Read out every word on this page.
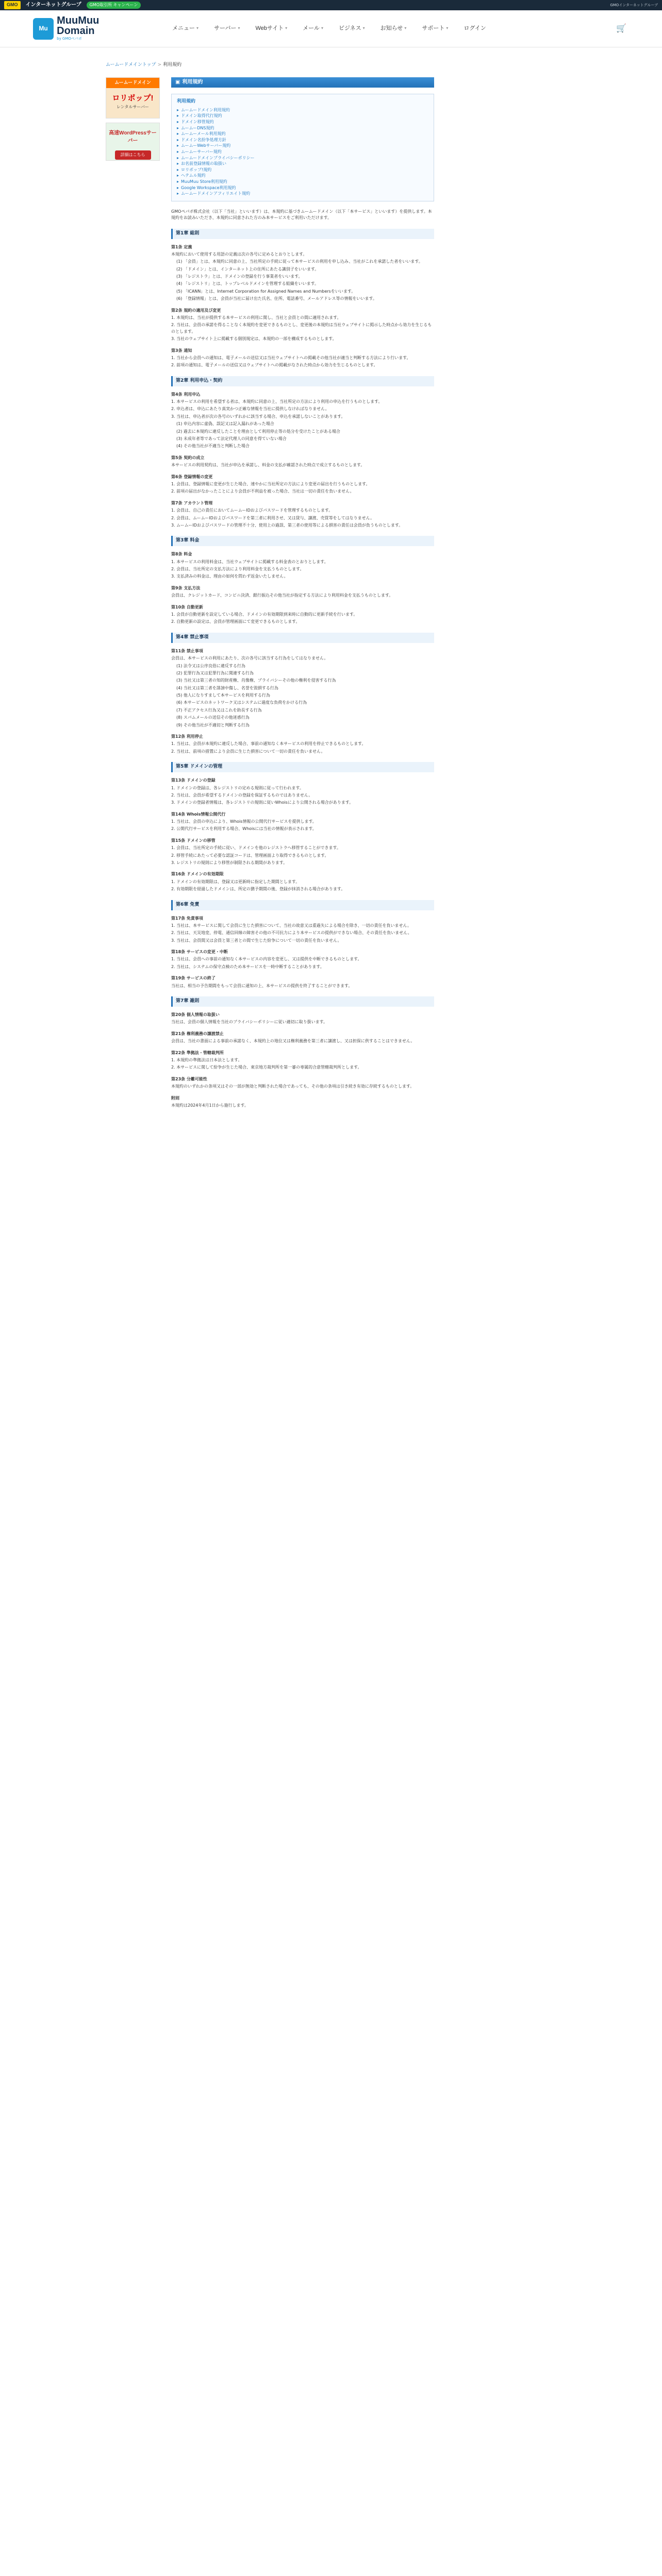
GMO	インターネットグループ	GMO取引所 キャンペーン	GMOインターネットグループ
Mu
MuuMuu Domain
by GMOペパボ
メニュー ▾	サーバー ▾	Webサイト ▾	メール ▾	ビジネス ▾	お知らせ ▾	サポート ▾	ログイン	🛒
ムームードメイントップ > 利用規約
ムームードメイン
ロリポップ!
レンタルサーバー
高速WordPressサーバー
詳細はこちら
▣ 利用規約
利用規約
▸ ムームードメイン利用規約
▸ ドメイン取得代行規約
▸ ドメイン移管規約
▸ ムームーDNS規約
▸ ムームーメール利用規約
▸ ドメイン名紛争処理方針
▸ ムームーWebサーバー規約
▸ ムームーサーバー規約
▸ ムームードメインプライバシーポリシー
▸ お名前登録情報の取扱い
▸ ロリポップ!規約
▸ ヘテムル規約
▸ MuuMuu Store利用規約
▸ Google Workspace利用規約
▸ ムームードメインアフィリエイト規約
GMOペパボ株式会社（以下「当社」といいます）は、本規約に基づきムームードメイン（以下「本サービス」といいます）を提供します。本規約をお読みいただき、本規約に同意された方のみ本サービスをご利用いただけます。
第1章 総則
第1条 定義
本規約において使用する用語の定義は次の各号に定めるとおりとします。
(1) 「会員」とは、本規約に同意の上、当社所定の手続に従って本サービスの利用を申し込み、当社がこれを承諾した者をいいます。
(2) 「ドメイン」とは、インターネット上の住所にあたる識別子をいいます。
(3) 「レジストラ」とは、ドメインの登録を行う事業者をいいます。
(4) 「レジストリ」とは、トップレベルドメインを管理する組織をいいます。
(5) 「ICANN」とは、Internet Corporation for Assigned Names and Numbersをいいます。
(6) 「登録情報」とは、会員が当社に届け出た氏名、住所、電話番号、メールアドレス等の情報をいいます。
第2条 規約の適用及び変更
1. 本規約は、当社が提供する本サービスの利用に関し、当社と会員との間に適用されます。
2. 当社は、会員の承諾を得ることなく本規約を変更できるものとし、変更後の本規約は当社ウェブサイトに掲示した時点から効力を生じるものとします。
3. 当社のウェブサイト上に掲載する個別規定は、本規約の一部を構成するものとします。
第3条 通知
1. 当社から会員への通知は、電子メールの送信又は当社ウェブサイトへの掲載その他当社が適当と判断する方法により行います。
2. 前項の通知は、電子メールの送信又はウェブサイトへの掲載がなされた時点から効力を生じるものとします。
第2章 利用申込・契約
第4条 利用申込
1. 本サービスの利用を希望する者は、本規約に同意の上、当社所定の方法により利用の申込を行うものとします。
2. 申込者は、申込にあたり真実かつ正確な情報を当社に提供しなければなりません。
3. 当社は、申込者が次の各号のいずれかに該当する場合、申込を承諾しないことがあります。
(1) 申込内容に虚偽、誤記又は記入漏れがあった場合
(2) 過去に本規約に違反したことを理由として利用停止等の処分を受けたことがある場合
(3) 未成年者等であって法定代理人の同意を得ていない場合
(4) その他当社が不適当と判断した場合
第5条 契約の成立
本サービスの利用契約は、当社が申込を承諾し、料金の支払が確認された時点で成立するものとします。
第6条 登録情報の変更
1. 会員は、登録情報に変更が生じた場合、速やかに当社所定の方法により変更の届出を行うものとします。
2. 前項の届出がなかったことにより会員が不利益を被った場合、当社は一切の責任を負いません。
第7条 アカウント管理
1. 会員は、自己の責任においてムームーIDおよびパスワードを管理するものとします。
2. 会員は、ムームーIDおよびパスワードを第三者に利用させ、又は貸与、譲渡、売買等をしてはなりません。
3. ムームーIDおよびパスワードの管理不十分、使用上の過誤、第三者の使用等による損害の責任は会員が負うものとします。
第3章 料金
第8条 料金
1. 本サービスの利用料金は、当社ウェブサイトに掲載する料金表のとおりとします。
2. 会員は、当社所定の支払方法により利用料金を支払うものとします。
3. 支払済みの料金は、理由の如何を問わず返金いたしません。
第9条 支払方法
会員は、クレジットカード、コンビニ決済、銀行振込その他当社が指定する方法により利用料金を支払うものとします。
第10条 自動更新
1. 会員が自動更新を設定している場合、ドメインの有効期限到来時に自動的に更新手続を行います。
2. 自動更新の設定は、会員が管理画面にて変更できるものとします。
第4章 禁止事項
第11条 禁止事項
会員は、本サービスの利用にあたり、次の各号に該当する行為をしてはなりません。
(1) 法令又は公序良俗に違反する行為
(2) 犯罪行為又は犯罪行為に関連する行為
(3) 当社又は第三者の知的財産権、肖像権、プライバシーその他の権利を侵害する行為
(4) 当社又は第三者を誹謗中傷し、名誉を毀損する行為
(5) 他人になりすまして本サービスを利用する行為
(6) 本サービスのネットワーク又はシステムに過度な負荷をかける行為
(7) 不正アクセス行為又はこれを助長する行為
(8) スパムメールの送信その他迷惑行為
(9) その他当社が不適切と判断する行為
第12条 利用停止
1. 当社は、会員が本規約に違反した場合、事前の通知なく本サービスの利用を停止できるものとします。
2. 当社は、前項の措置により会員に生じた損害について一切の責任を負いません。
第5章 ドメインの管理
第13条 ドメインの登録
1. ドメインの登録は、各レジストリの定める規則に従って行われます。
2. 当社は、会員が希望するドメインの登録を保証するものではありません。
3. ドメインの登録者情報は、各レジストリの規則に従いWhoisにより公開される場合があります。
第14条 Whois情報公開代行
1. 当社は、会員の申込により、Whois情報の公開代行サービスを提供します。
2. 公開代行サービスを利用する場合、Whoisには当社の情報が表示されます。
第15条 ドメインの移管
1. 会員は、当社所定の手続に従い、ドメインを他のレジストラへ移管することができます。
2. 移管手続にあたって必要な認証コードは、管理画面より取得できるものとします。
3. レジストリの規則により移管が制限される期間があります。
第16条 ドメインの有効期限
1. ドメインの有効期限は、登録又は更新時に指定した期間とします。
2. 有効期限を経過したドメインは、所定の猶予期間の後、登録が抹消される場合があります。
第6章 免責
第17条 免責事項
1. 当社は、本サービスに関して会員に生じた損害について、当社の故意又は重過失による場合を除き、一切の責任を負いません。
2. 当社は、天災地変、停電、通信回線の障害その他の不可抗力により本サービスの提供ができない場合、その責任を負いません。
3. 当社は、会員間又は会員と第三者との間で生じた紛争について一切の責任を負いません。
第18条 サービスの変更・中断
1. 当社は、会員への事前の通知なく本サービスの内容を変更し、又は提供を中断できるものとします。
2. 当社は、システムの保守点検のため本サービスを一時中断することがあります。
第19条 サービスの終了
当社は、相当の予告期間をもって会員に通知の上、本サービスの提供を終了することができます。
第7章 雑則
第20条 個人情報の取扱い
当社は、会員の個人情報を当社のプライバシーポリシーに従い適切に取り扱います。
第21条 権利義務の譲渡禁止
会員は、当社の書面による事前の承諾なく、本規約上の地位又は権利義務を第三者に譲渡し、又は担保に供することはできません。
第22条 準拠法・管轄裁判所
1. 本規約の準拠法は日本法とします。
2. 本サービスに関して紛争が生じた場合、東京地方裁判所を第一審の専属的合意管轄裁判所とします。
第23条 分離可能性
本規約のいずれかの条項又はその一部が無効と判断された場合であっても、その他の条項は引き続き有効に存続するものとします。
附則
本規約は2024年4月1日から施行します。
